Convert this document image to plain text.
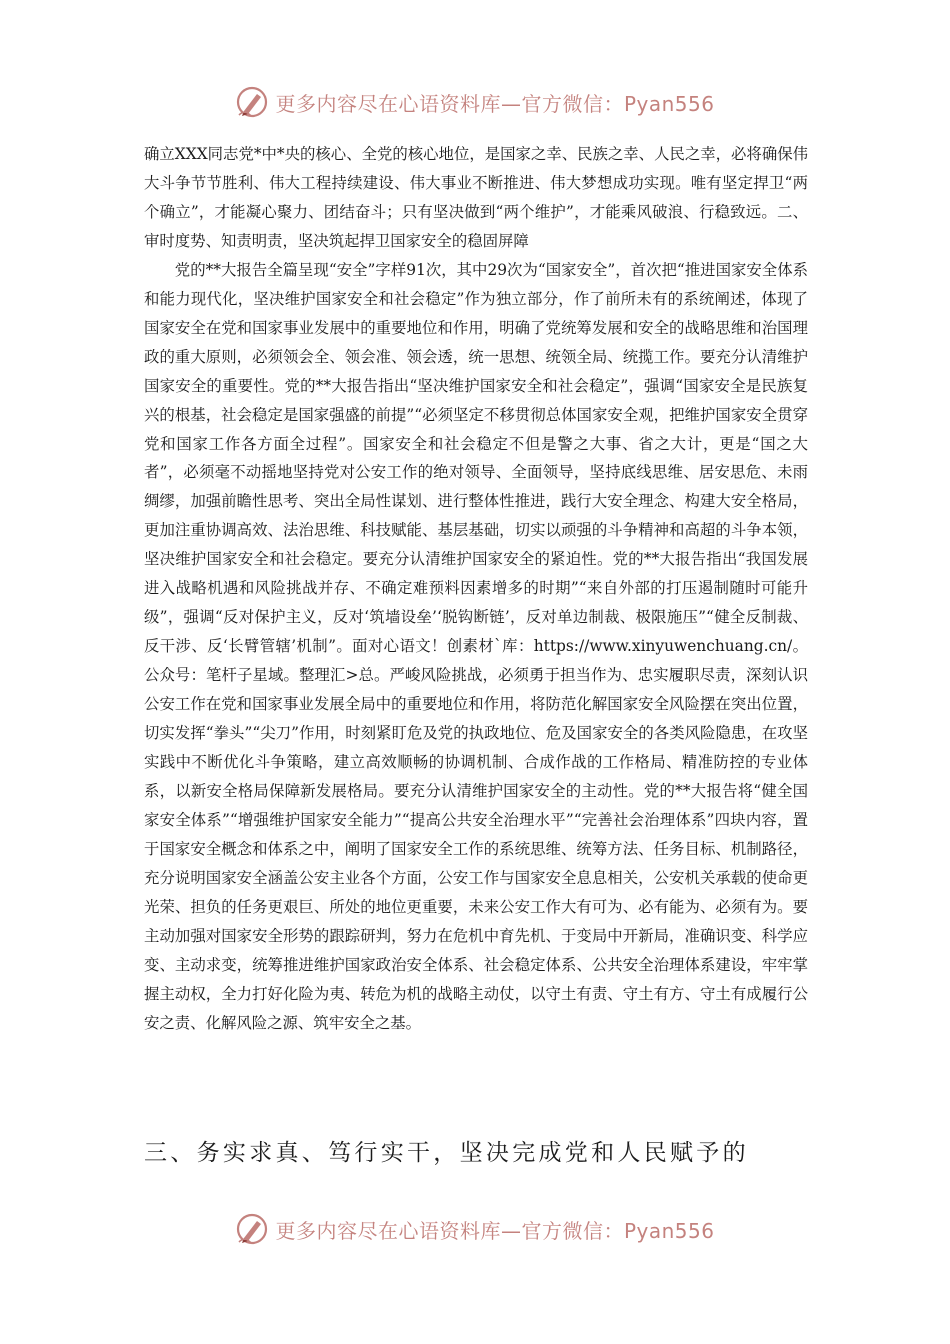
更多内容尽在心语资料库—官方微信：Pyan556

确立XXX同志党*中*央的核心、全党的核心地位，是国家之幸、民族之幸、人民之幸，必将确保伟大斗争节节胜利、伟大工程持续建设、伟大事业不断推进、伟大梦想成功实现。唯有坚定捍卫“两个确立”，才能凝心聚力、团结奋斗；只有坚决做到“两个维护”，才能乘风破浪、行稳致远。二、审时度势、知责明责，坚决筑起捍卫国家安全的稳固屏障

党的**大报告全篇呈现“安全”字样91次，其中29次为“国家安全”，首次把“推进国家安全体系和能力现代化，坚决维护国家安全和社会稳定”作为独立部分，作了前所未有的系统阐述，体现了国家安全在党和国家事业发展中的重要地位和作用，明确了党统筹发展和安全的战略思维和治国理政的重大原则，必须领会全、领会准、领会透，统一思想、统领全局、统揽工作。要充分认清维护国家安全的重要性。党的**大报告指出“坚决维护国家安全和社会稳定”，强调“国家安全是民族复兴的根基，社会稳定是国家强盛的前提”“必须坚定不移贯彻总体国家安全观，把维护国家安全贯穿党和国家工作各方面全过程”。国家安全和社会稳定不但是警之大事、省之大计，更是“国之大者”，必须毫不动摇地坚持党对公安工作的绝对领导、全面领导，坚持底线思维、居安思危、未雨绸缪，加强前瞻性思考、突出全局性谋划、进行整体性推进，践行大安全理念、构建大安全格局，更加注重协调高效、法治思维、科技赋能、基层基础，切实以顽强的斗争精神和高超的斗争本领，坚决维护国家安全和社会稳定。要充分认清维护国家安全的紧迫性。党的**大报告指出“我国发展进入战略机遇和风险挑战并存、不确定难预料因素增多的时期”“来自外部的打压遏制随时可能升级”，强调“反对保护主义，反对‘筑墙设垒’‘脱钩断链’，反对单边制裁、极限施压”“健全反制裁、反干涉、反‘长臂管辖’机制”。面对心语文！创素材`库：https://www.xinyuwenchuang.cn/。公众号：笔杆子星域。整理汇>总。严峻风险挑战，必须勇于担当作为、忠实履职尽责，深刻认识公安工作在党和国家事业发展全局中的重要地位和作用，将防范化解国家安全风险摆在突出位置，切实发挥“拳头”“尖刀”作用，时刻紧盯危及党的执政地位、危及国家安全的各类风险隐患，在攻坚实践中不断优化斗争策略，建立高效顺畅的协调机制、合成作战的工作格局、精准防控的专业体系，以新安全格局保障新发展格局。要充分认清维护国家安全的主动性。党的**大报告将“健全国家安全体系”“增强维护国家安全能力”“提高公共安全治理水平”“完善社会治理体系”四块内容，置于国家安全概念和体系之中，阐明了国家安全工作的系统思维、统筹方法、任务目标、机制路径，充分说明国家安全涵盖公安主业各个方面，公安工作与国家安全息息相关，公安机关承载的使命更光荣、担负的任务更艰巨、所处的地位更重要，未来公安工作大有可为、必有能为、必须有为。要主动加强对国家安全形势的跟踪研判，努力在危机中育先机、于变局中开新局，准确识变、科学应变、主动求变，统筹推进维护国家政治安全体系、社会稳定体系、公共安全治理体系建设，牢牢掌握主动权，全力打好化险为夷、转危为机的战略主动仗，以守土有责、守土有方、守土有成履行公安之责、化解风险之源、筑牢安全之基。

三、务实求真、笃行实干，坚决完成党和人民赋予的
更多内容尽在心语资料库—官方微信：Pyan556
